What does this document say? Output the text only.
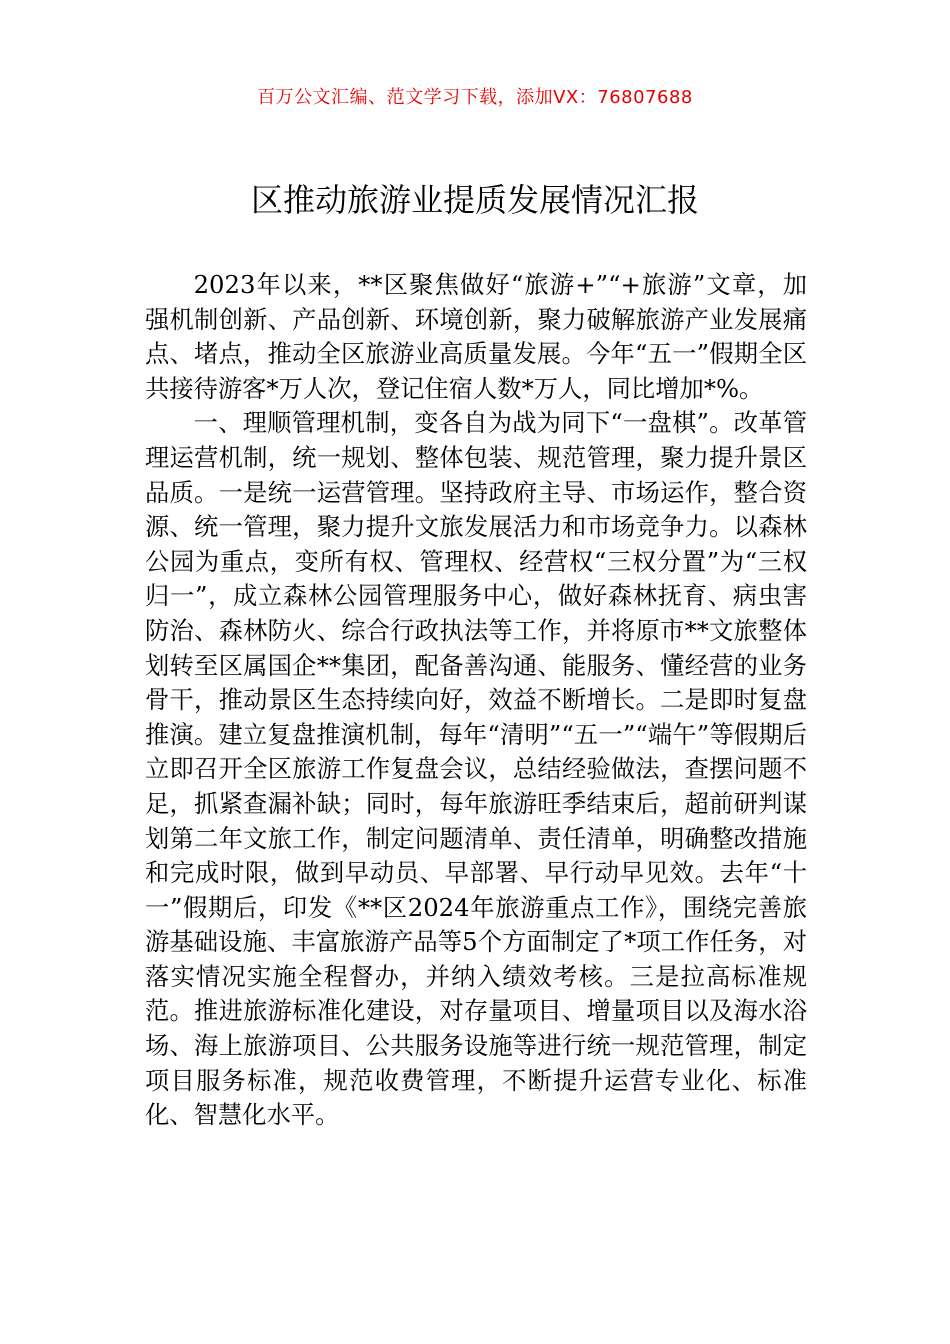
百万公文汇编、范文学习下载，添加VX：76807688
区推动旅游业提质发展情况汇报

2023年以来，**区聚焦做好“旅游+”“+旅游”文章，加强机制创新、产品创新、环境创新，聚力破解旅游产业发展痛点、堵点，推动全区旅游业高质量发展。今年“五一”假期全区共接待游客*万人次，登记住宿人数*万人，同比增加*%。

一、理顺管理机制，变各自为战为同下“一盘棋”。改革管理运营机制，统一规划、整体包装、规范管理，聚力提升景区品质。一是统一运营管理。坚持政府主导、市场运作，整合资源、统一管理，聚力提升文旅发展活力和市场竞争力。以森林公园为重点，变所有权、管理权、经营权“三权分置”为“三权归一”，成立森林公园管理服务中心，做好森林抚育、病虫害防治、森林防火、综合行政执法等工作，并将原市**文旅整体划转至区属国企**集团，配备善沟通、能服务、懂经营的业务骨干，推动景区生态持续向好，效益不断增长。二是即时复盘推演。建立复盘推演机制，每年“清明”“五一”“端午”等假期后立即召开全区旅游工作复盘会议，总结经验做法，查摆问题不足，抓紧查漏补缺；同时，每年旅游旺季结束后，超前研判谋划第二年文旅工作，制定问题清单、责任清单，明确整改措施和完成时限，做到早动员、早部署、早行动早见效。去年“十一”假期后，印发《**区2024年旅游重点工作》，围绕完善旅游基础设施、丰富旅游产品等5个方面制定了*项工作任务，对落实情况实施全程督办，并纳入绩效考核。三是拉高标准规范。推进旅游标准化建设，对存量项目、增量项目以及海水浴场、海上旅游项目、公共服务设施等进行统一规范管理，制定项目服务标准，规范收费管理，不断提升运营专业化、标准化、智慧化水平。
